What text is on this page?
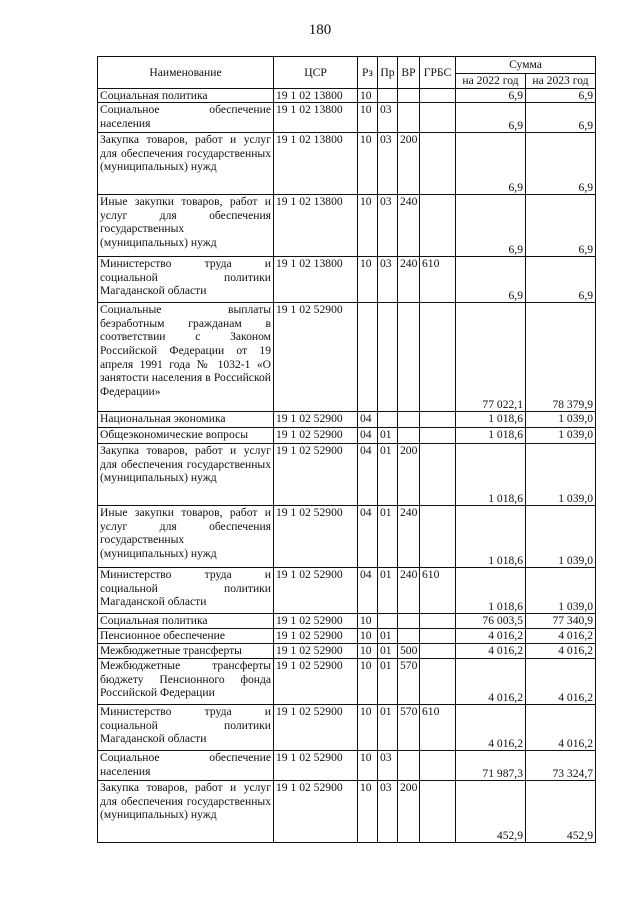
180
Наименование	ЦСР	Рз	Пр	ВР	ГРБС	Сумма	
						на 2022 год	на 2023 год
Социальная политика	19 1 02 13800	10				6,9	6,9
Социальное обеспечение населения	19 1 02 13800	10	03			6,9	6,9
Закупка товаров, работ и услуг для обеспечения государственных (муниципальных) нужд	19 1 02 13800	10	03	200		6,9	6,9
Иные закупки товаров, работ и услуг для обеспечения государственных (муниципальных) нужд	19 1 02 13800	10	03	240		6,9	6,9
Министерство труда и социальной политики Магаданской области	19 1 02 13800	10	03	240	610	6,9	6,9
Социальные выплаты безработным гражданам в соответствии с Законом Российской Федерации от 19 апреля 1991 года № 1032-1 «О занятости населения в Российской Федерации»	19 1 02 52900					77 022,1	78 379,9
Национальная экономика	19 1 02 52900	04				1 018,6	1 039,0
Общеэкономические вопросы	19 1 02 52900	04	01			1 018,6	1 039,0
Закупка товаров, работ и услуг для обеспечения государственных (муниципальных) нужд	19 1 02 52900	04	01	200		1 018,6	1 039,0
Иные закупки товаров, работ и услуг для обеспечения государственных (муниципальных) нужд	19 1 02 52900	04	01	240		1 018,6	1 039,0
Министерство труда и социальной политики Магаданской области	19 1 02 52900	04	01	240	610	1 018,6	1 039,0
Социальная политика	19 1 02 52900	10				76 003,5	77 340,9
Пенсионное обеспечение	19 1 02 52900	10	01			4 016,2	4 016,2
Межбюджетные трансферты	19 1 02 52900	10	01	500		4 016,2	4 016,2
Межбюджетные трансферты бюджету Пенсионного фонда Российской Федерации	19 1 02 52900	10	01	570		4 016,2	4 016,2
Министерство труда и социальной политики Магаданской области	19 1 02 52900	10	01	570	610	4 016,2	4 016,2
Социальное обеспечение населения	19 1 02 52900	10	03			71 987,3	73 324,7
Закупка товаров, работ и услуг для обеспечения государственных (муниципальных) нужд	19 1 02 52900	10	03	200		452,9	452,9
